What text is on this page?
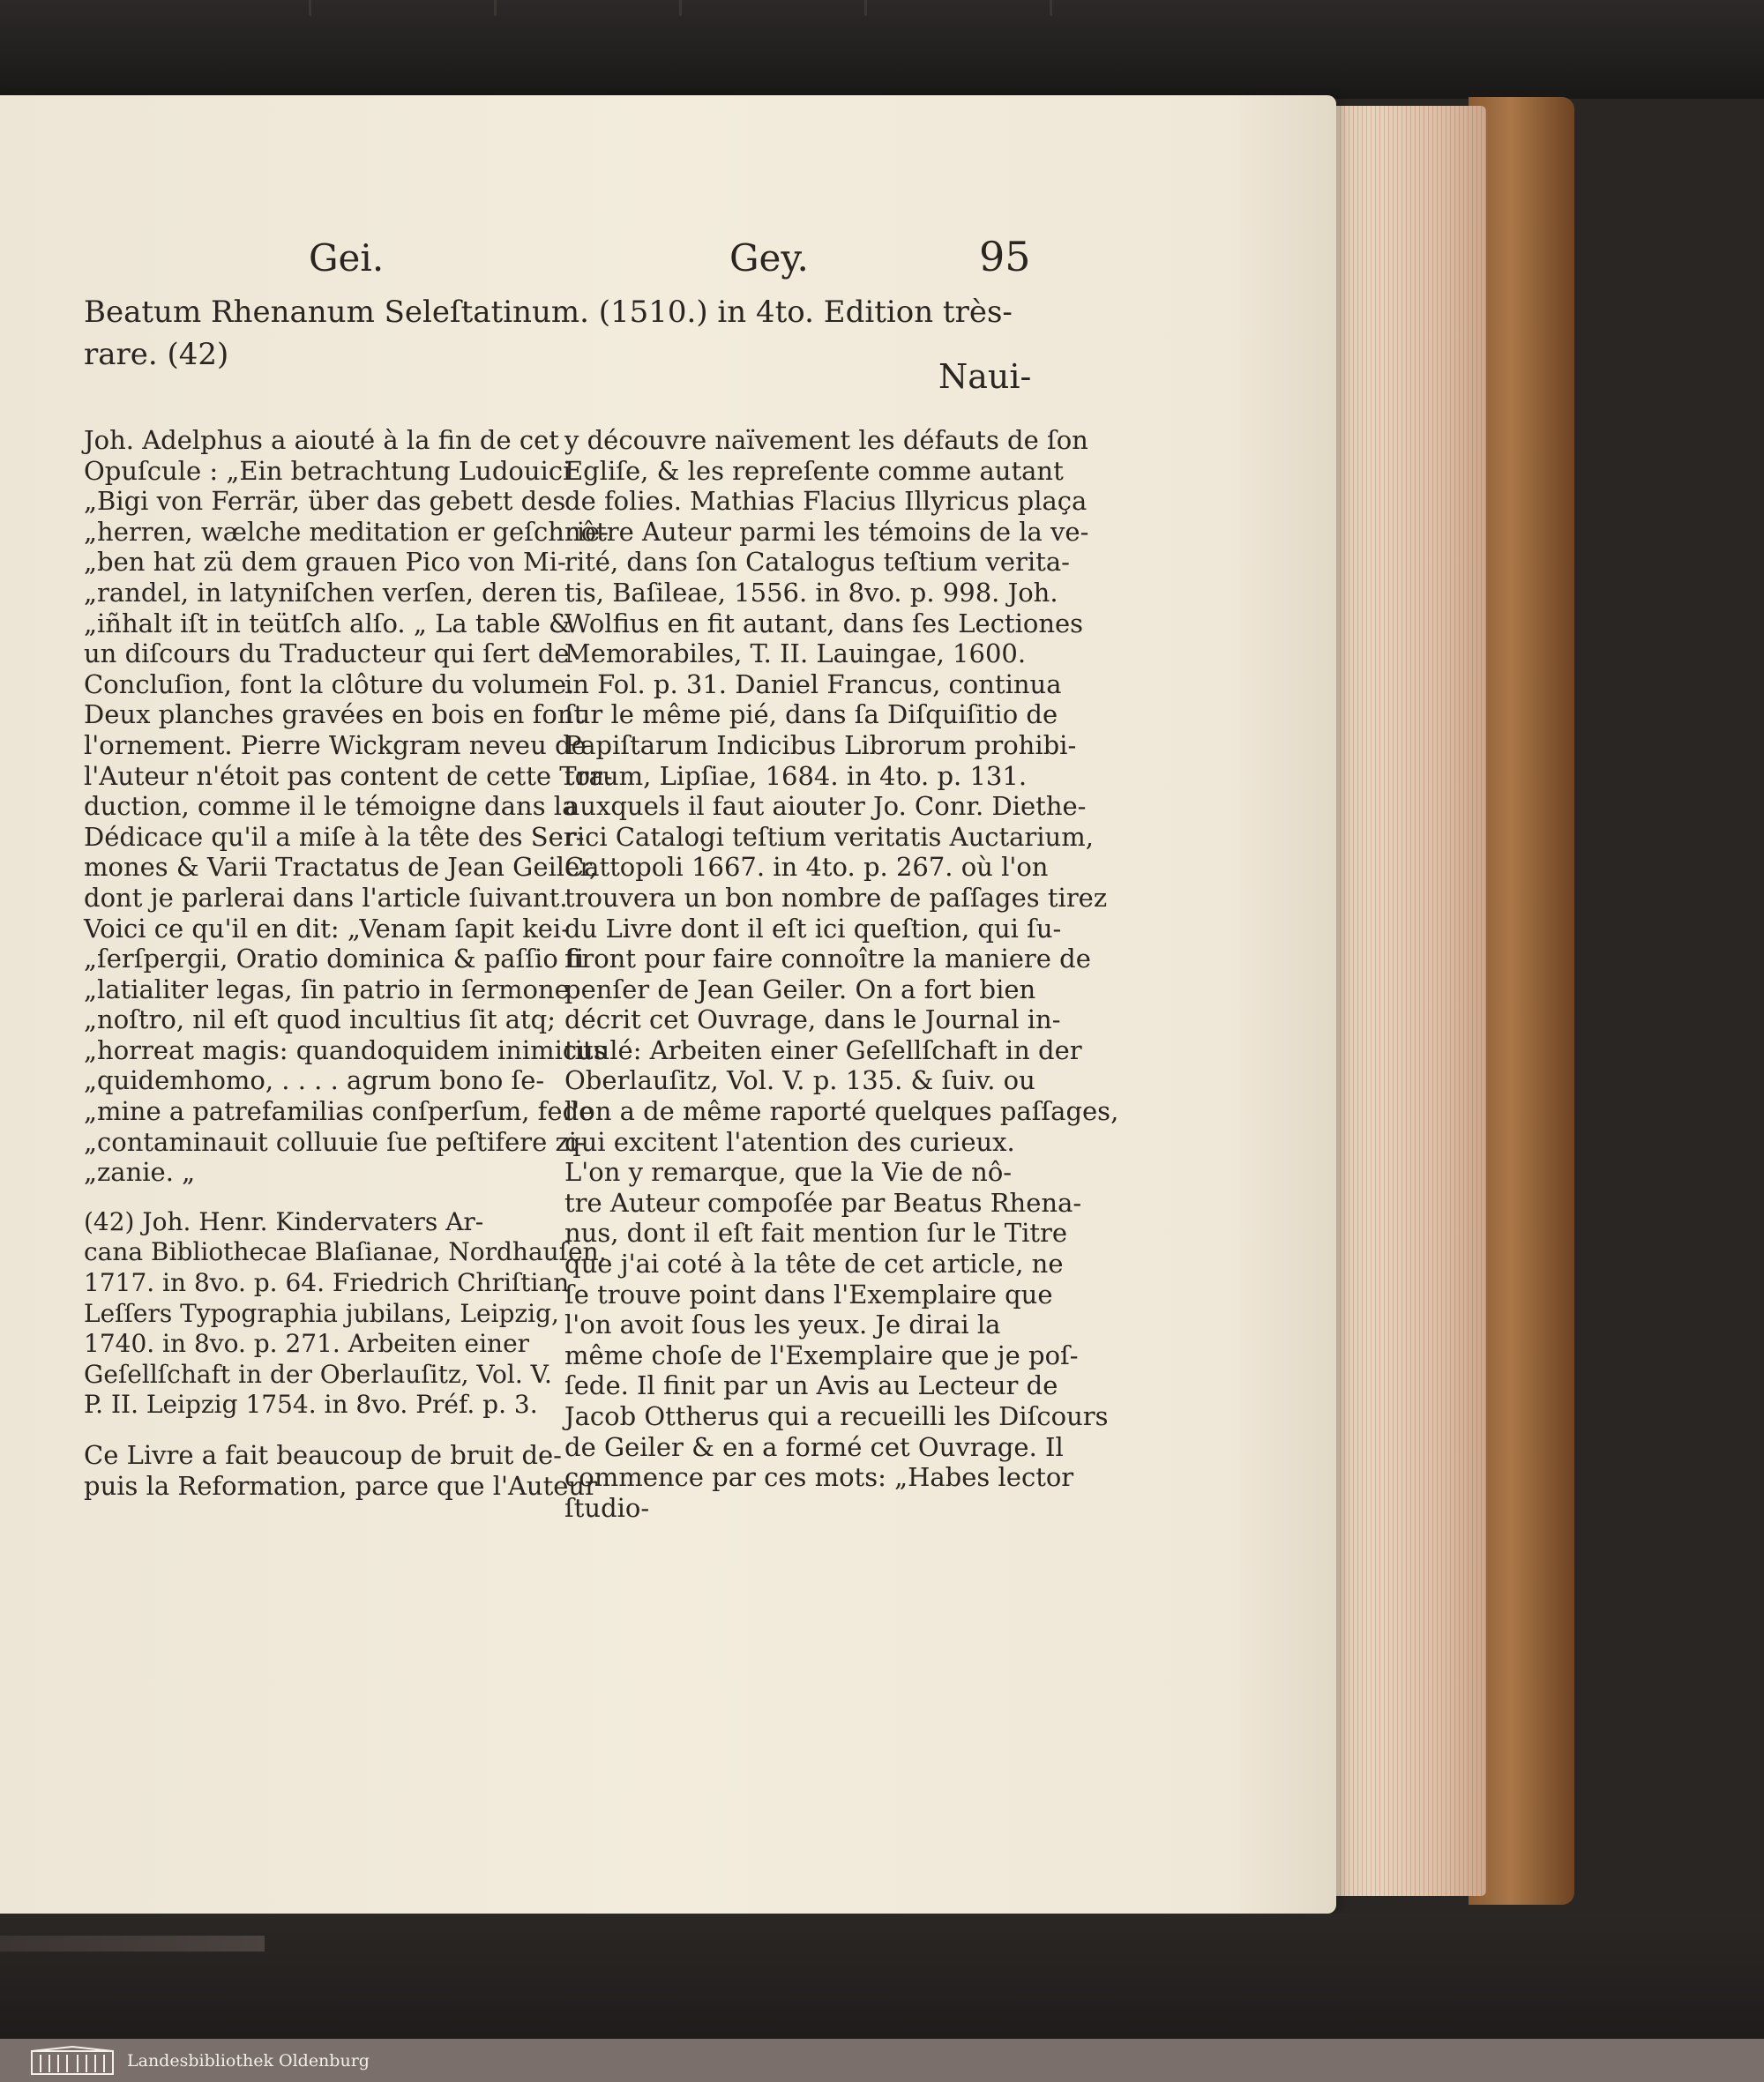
Gei.	Gey.	95
Beatum Rhenanum Seleſtatinum. (1510.) in 4to. Edition très-
rare. (42)
Naui-
Joh. Adelphus a aiouté à la fin de cet
Opuſcule : „Ein betrachtung Ludouici
„Bigi von Ferrär, über das gebett des
„herren, wælche meditation er geſchrie-
„ben hat zü dem grauen Pico von Mi-
„randel, in latyniſchen verſen, deren
„iñhalt iſt in teütſch alſo. „ La table &
un diſcours du Traducteur qui ſert de
Concluſion, font la clôture du volume.
Deux planches gravées en bois en font
l'ornement. Pierre Wickgram neveu de
l'Auteur n'étoit pas content de cette Tra-
duction, comme il le témoigne dans la
Dédicace qu'il a miſe à la tête des Ser-
mones & Varii Tractatus de Jean Geiler,
dont je parlerai dans l'article ſuivant.
Voici ce qu'il en dit: „Venam ſapit kei-
„ſerſpergii, Oratio dominica & paſſio ſi
„latialiter legas, ſin patrio in ſermone
„noſtro, nil eſt quod incultius ſit atq;
„horreat magis: quandoquidem inimicus
„quidemhomo, . . . . agrum bono ſe-
„mine a patrefamilias conſperſum, fede
„contaminauit colluuie ſue peſtifere zi-
„zanie. „
(42) Joh. Henr. Kindervaters Ar-
cana Bibliothecae Blaſianae, Nordhauſen,
1717. in 8vo. p. 64. Friedrich Chriſtian
Leſſers Typographia jubilans, Leipzig,
1740. in 8vo. p. 271. Arbeiten einer
Geſellſchaft in der Oberlauſitz, Vol. V.
P. II. Leipzig 1754. in 8vo. Préf. p. 3.
Ce Livre a fait beaucoup de bruit de-
puis la Reformation, parce que l'Auteur
y découvre naïvement les défauts de ſon
Egliſe, & les repreſente comme autant
de folies. Mathias Flacius Illyricus plaça
nôtre Auteur parmi les témoins de la ve-
rité, dans ſon Catalogus teſtium verita-
tis, Baſileae, 1556. in 8vo. p. 998. Joh.
Wolfius en fit autant, dans ſes Lectiones
Memorabiles, T. II. Lauingae, 1600.
in Fol. p. 31. Daniel Francus, continua
ſur le même pié, dans ſa Diſquiſitio de
Papiſtarum Indicibus Librorum prohibi-
torum, Lipſiae, 1684. in 4to. p. 131.
auxquels il faut aiouter Jo. Conr. Diethe-
rici Catalogi teſtium veritatis Auctarium,
Cattopoli 1667. in 4to. p. 267. où l'on
trouvera un bon nombre de paſſages tirez
du Livre dont il eſt ici queſtion, qui ſu-
firont pour faire connoître la maniere de
penſer de Jean Geiler. On a fort bien
décrit cet Ouvrage, dans le Journal in-
titulé: Arbeiten einer Geſellſchaft in der
Oberlauſitz, Vol. V. p. 135. & ſuiv. ou
l'on a de même raporté quelques paſſages,
qui excitent l'atention des curieux.
L'on y remarque, que la Vie de nô-
tre Auteur compoſée par Beatus Rhena-
nus, dont il eſt fait mention ſur le Titre
que j'ai coté à la tête de cet article, ne
ſe trouve point dans l'Exemplaire que
l'on avoit ſous les yeux. Je dirai la
même choſe de l'Exemplaire que je poſ-
ſede. Il finit par un Avis au Lecteur de
Jacob Ottherus qui a recueilli les Diſcours
de Geiler & en a formé cet Ouvrage. Il
commence par ces mots: „Habes lector
ſtudio-
Landesbibliothek Oldenburg
